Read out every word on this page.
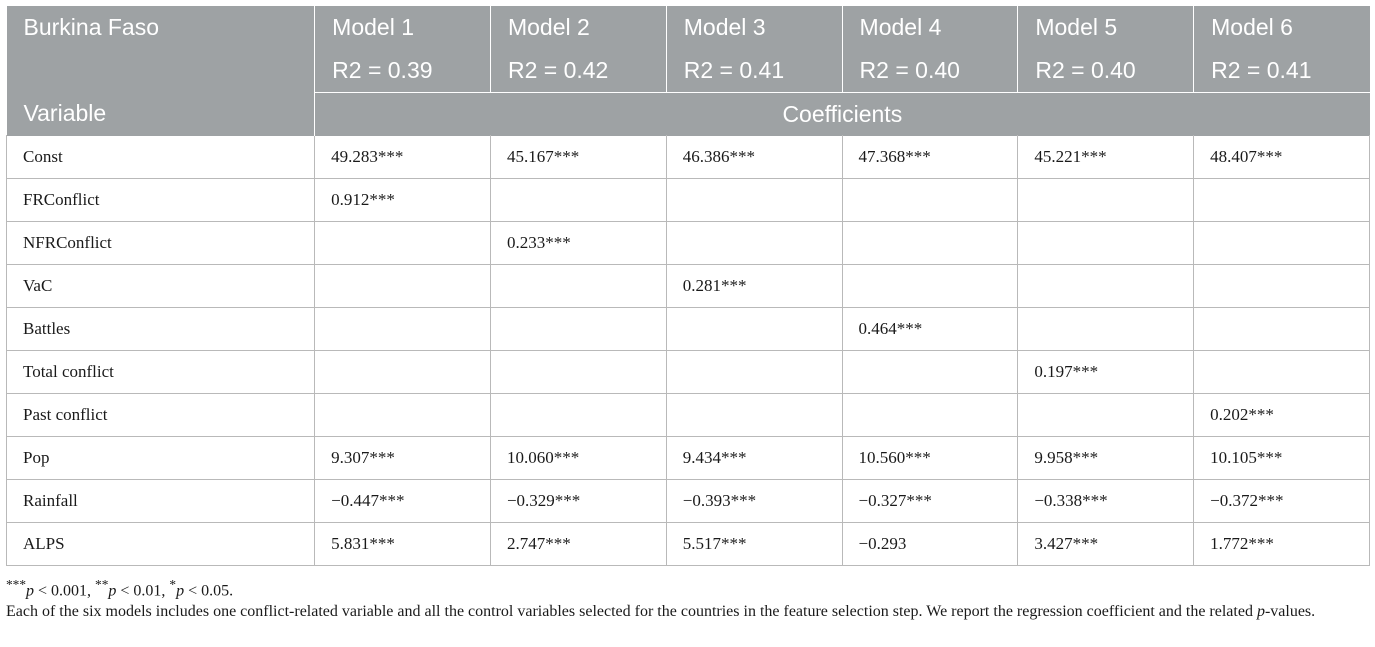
Burkina Faso	Model 1	Model 2	Model 3	Model 4	Model 5	Model 6
	R2 = 0.39	R2 = 0.42	R2 = 0.41	R2 = 0.40	R2 = 0.40	R2 = 0.41
Variable	Coefficients					
Const	49.283***	45.167***	46.386***	47.368***	45.221***	48.407***
FRConflict	0.912***					
NFRConflict		0.233***				
VaC			0.281***			
Battles				0.464***		
Total conflict					0.197***	
Past conflict						0.202***
Pop	9.307***	10.060***	9.434***	10.560***	9.958***	10.105***
Rainfall	−0.447***	−0.329***	−0.393***	−0.327***	−0.338***	−0.372***
ALPS	5.831***	2.747***	5.517***	−0.293	3.427***	1.772***

***p < 0.001, **p < 0.01, *p < 0.05.

Each of the six models includes one conflict-related variable and all the control variables selected for the countries in the feature selection step. We report the regression coefficient and the related p-values.
